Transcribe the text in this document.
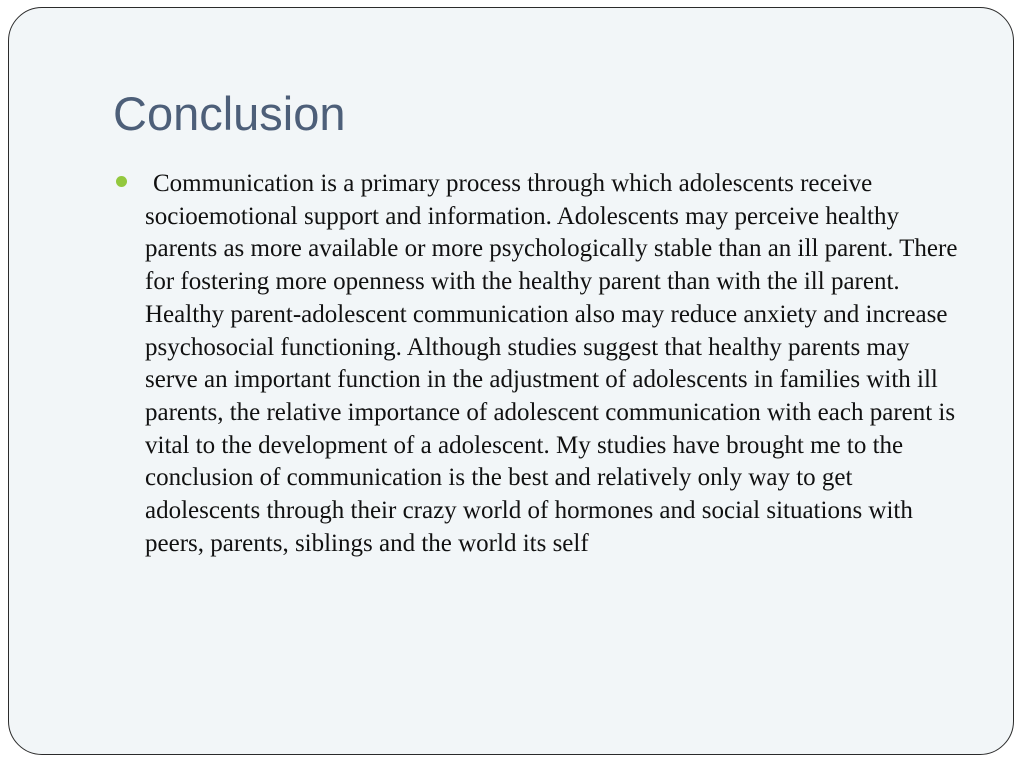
Conclusion
Communication is a primary process through which adolescents receive socioemotional support and information. Adolescents may perceive healthy parents as more available or more psychologically stable than an ill parent. There for fostering more openness with the healthy parent than with the ill parent. Healthy parent-adolescent communication also may reduce anxiety and increase psychosocial functioning. Although studies suggest that healthy parents may serve an important function in the adjustment of adolescents in families with ill parents, the relative importance of adolescent communication with each parent is vital to the development of a adolescent. My studies have brought me to the conclusion of communication is the best and relatively only way to get adolescents through their crazy world of hormones and social situations with peers, parents, siblings and the world its self
